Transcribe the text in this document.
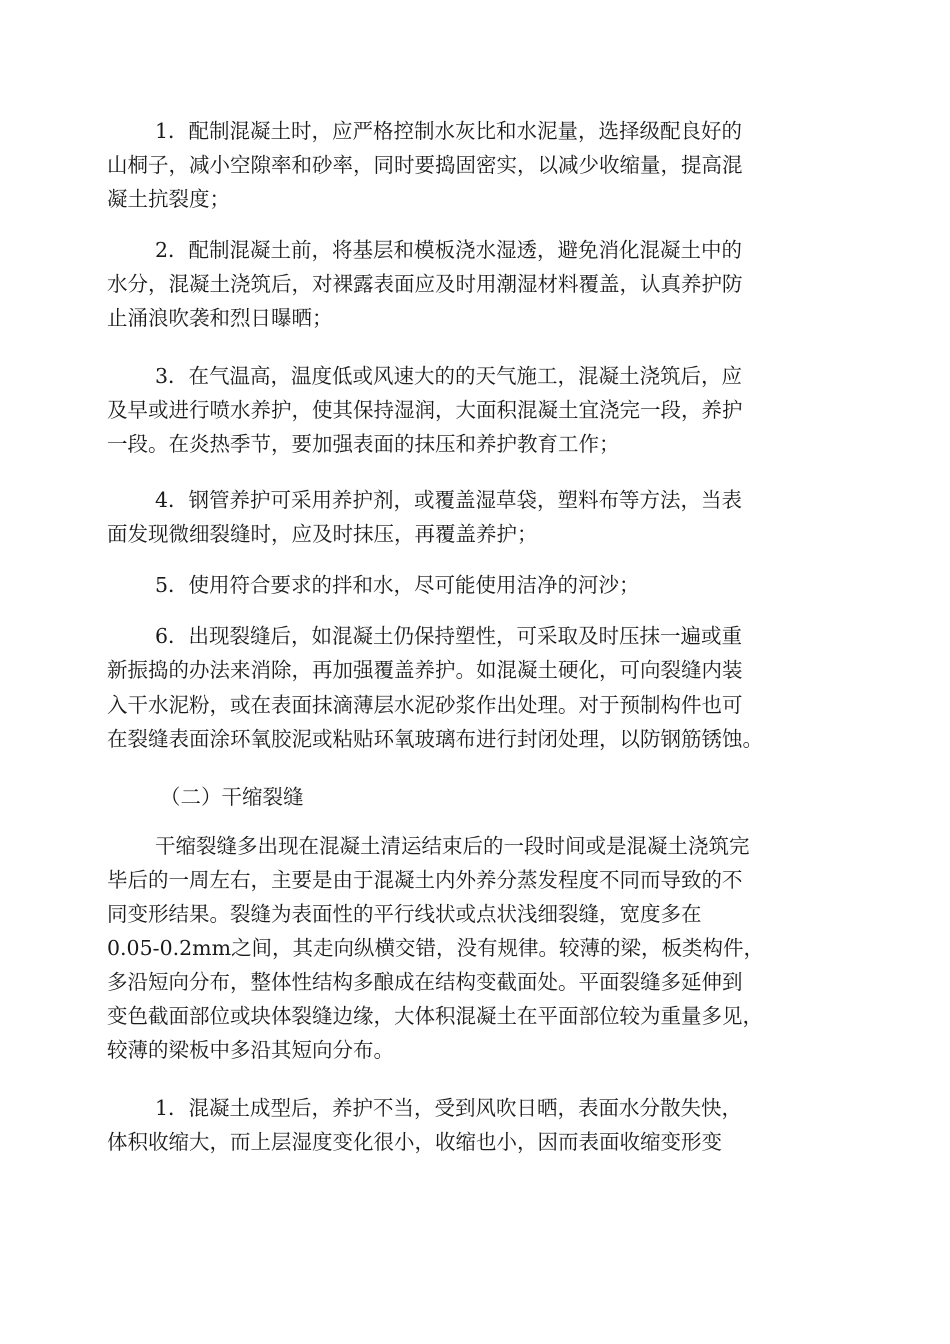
1．配制混凝土时，应严格控制水灰比和水泥量，选择级配良好的

山桐子，减小空隙率和砂率，同时要捣固密实，以减少收缩量，提高混

凝土抗裂度；

2．配制混凝土前，将基层和模板浇水湿透，避免消化混凝土中的

水分，混凝土浇筑后，对裸露表面应及时用潮湿材料覆盖，认真养护防

止涌浪吹袭和烈日曝晒；

3．在气温高，温度低或风速大的的天气施工，混凝土浇筑后，应

及早或进行喷水养护，使其保持湿润，大面积混凝土宜浇完一段，养护

一段。在炎热季节，要加强表面的抹压和养护教育工作；

4．钢管养护可采用养护剂，或覆盖湿草袋，塑料布等方法，当表

面发现微细裂缝时，应及时抹压，再覆盖养护；

5．使用符合要求的拌和水，尽可能使用洁净的河沙；

6．出现裂缝后，如混凝土仍保持塑性，可采取及时压抹一遍或重

新振捣的办法来消除，再加强覆盖养护。如混凝土硬化，可向裂缝内装

入干水泥粉，或在表面抹滴薄层水泥砂浆作出处理。对于预制构件也可

在裂缝表面涂环氧胶泥或粘贴环氧玻璃布进行封闭处理，以防钢筋锈蚀。

（二）干缩裂缝

干缩裂缝多出现在混凝土清运结束后的一段时间或是混凝土浇筑完

毕后的一周左右，主要是由于混凝土内外养分蒸发程度不同而导致的不

同变形结果。裂缝为表面性的平行线状或点状浅细裂缝，宽度多在

0.05-0.2mm之间，其走向纵横交错，没有规律。较薄的梁，板类构件，

多沿短向分布，整体性结构多酿成在结构变截面处。平面裂缝多延伸到

变色截面部位或块体裂缝边缘，大体积混凝土在平面部位较为重量多见，

较薄的梁板中多沿其短向分布。

1．混凝土成型后，养护不当，受到风吹日晒，表面水分散失快，

体积收缩大，而上层湿度变化很小，收缩也小，因而表面收缩变形变
